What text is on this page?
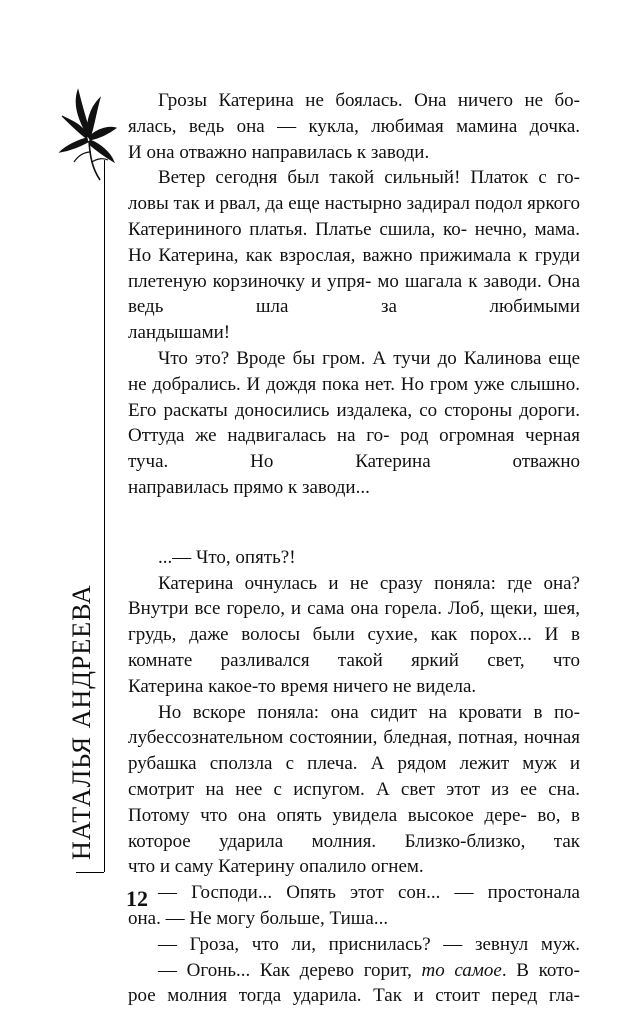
НАТАЛЬЯ АНДРЕЕВА

Грозы Катерина не боялась. Она ничего не бо- ялась, ведь она — кукла, любимая мамина дочка.

И она отважно направилась к заводи.

Ветер сегодня был такой сильный! Платок с го- ловы так и рвал, да еще настырно задирал подол яркого Катерининого платья. Платье сшила, ко- нечно, мама. Но Катерина, как взрослая, важно прижимала к груди плетеную корзиночку и упря- мо шагала к заводи. Она ведь шла за любимыми

ландышами!

Что это? Вроде бы гром. А тучи до Калинова еще не добрались. И дождя пока нет. Но гром уже слышно. Его раскаты доносились издалека, со стороны дороги. Оттуда же надвигалась на го- род огромная черная туча. Но Катерина отважно

направилась прямо к заводи...

...— Что, опять?!

Катерина очнулась и не сразу поняла: где она? Внутри все горело, и сама она горела. Лоб, щеки, шея, грудь, даже волосы были сухие, как порох... И в комнате разливался такой яркий свет, что

Катерина какое-то время ничего не видела.

Но вскоре поняла: она сидит на кровати в по- лубессознательном состоянии, бледная, потная, ночная рубашка сползла с плеча. А рядом лежит муж и смотрит на нее с испугом. А свет этот из ее сна. Потому что она опять увидела высокое дере- во, в которое ударила молния. Близко-близко, так

что и саму Катерину опалило огнем.

— Господи... Опять этот сон... — простонала

она. — Не могу больше, Тиша...

— Гроза, что ли, приснилась? — зевнул муж.

— Огонь... Как дерево горит, то самое. В кото-

рое молния тогда ударила. Так и стоит перед гла-

12
